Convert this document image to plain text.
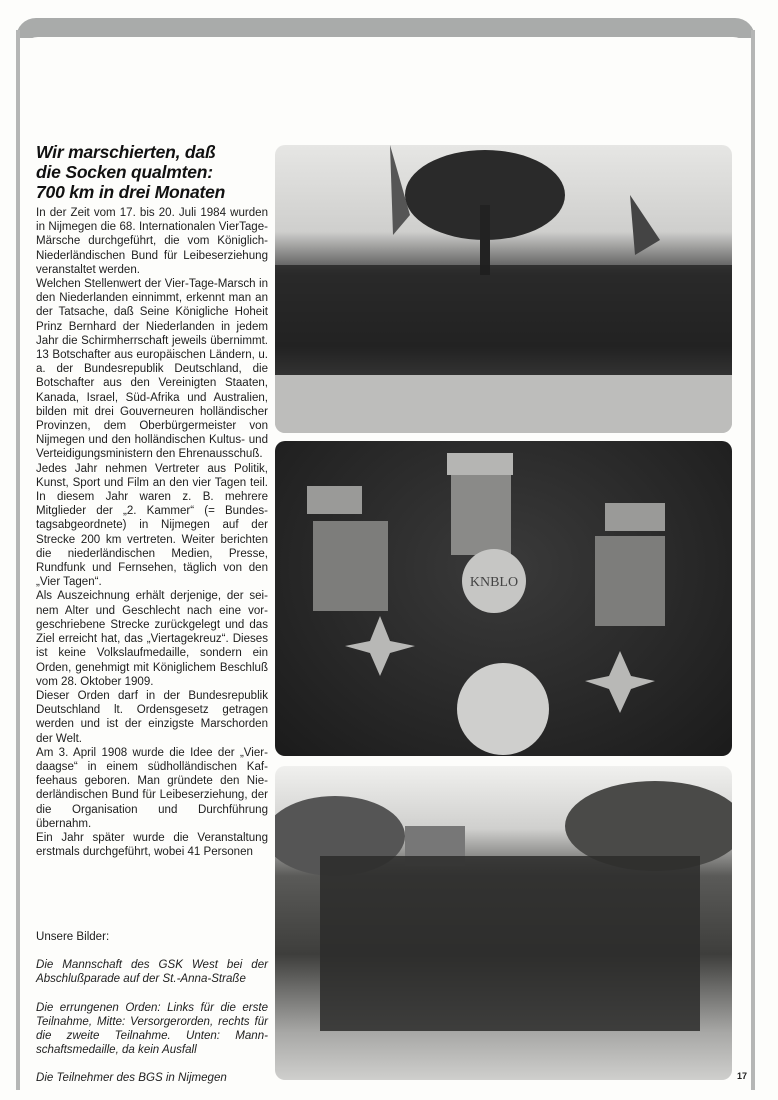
Wir marschierten, daß
die Socken qualmten:
700 km in drei Monaten

In der Zeit vom 17. bis 20. Juli 1984 wurden in Nijmegen die 68. Internationalen VierTage-Märsche durchgeführt, die vom Königlich-Niederländischen Bund für Leibeserziehung veranstaltet werden.

Welchen Stellenwert der Vier-Tage-Marsch in den Niederlanden einnimmt, erkennt man an der Tatsache, daß Seine Königliche Hoheit Prinz Bernhard der Niederlanden in jedem Jahr die Schirmherrschaft jeweils übernimmt. 13 Botschafter aus europäischen Ländern, u. a. der Bundesrepublik Deutschland, die Botschafter aus den Vereinigten Staaten, Kanada, Israel, Süd-Afrika und Australien, bilden mit drei Gouverneuren holländischer Provinzen, dem Oberbürgermeister von Nijmegen und den holländischen Kultus- und Verteidigungsministern den Ehrenausschuß.

Jedes Jahr nehmen Vertreter aus Politik, Kunst, Sport und Film an den vier Tagen teil. In diesem Jahr waren z. B. mehrere Mitglieder der „2. Kammer“ (= Bundestagsabgeordnete) in Nijmegen auf der Strecke 200 km vertreten. Weiter berichten die niederländischen Medien, Presse, Rundfunk und Fernsehen, täglich von den „Vier Tagen“.

Als Auszeichnung erhält derjenige, der seinem Alter und Geschlecht nach eine vorgeschriebene Strecke zurückgelegt und das Ziel erreicht hat, das „Viertagekreuz“. Dieses ist keine Volkslaufmedaille, sondern ein Orden, genehmigt mit Königlichem Beschluß vom 28. Oktober 1909.

Dieser Orden darf in der Bundesrepublik Deutschland lt. Ordensgesetz getragen werden und ist der einzigste Marschorden der Welt.

Am 3. April 1908 wurde die Idee der „Vierdaagse“ in einem südholländischen Kaffeehaus geboren. Man gründete den Niederländischen Bund für Leibeserziehung, der die Organisation und Durchführung übernahm.

Ein Jahr später wurde die Veranstaltung erstmals durchgeführt, wobei 41 Personen

Unsere Bilder:

Die Mannschaft des GSK West bei der Abschlußparade auf der St.-Anna-Straße

Die errungenen Orden: Links für die erste Teilnahme, Mitte: Versorgerorden, rechts für die zweite Teilnahme. Unten: Mannschaftsmedaille, da kein Ausfall

Die Teilnehmer des BGS in Nijmegen

KNBLO
17
